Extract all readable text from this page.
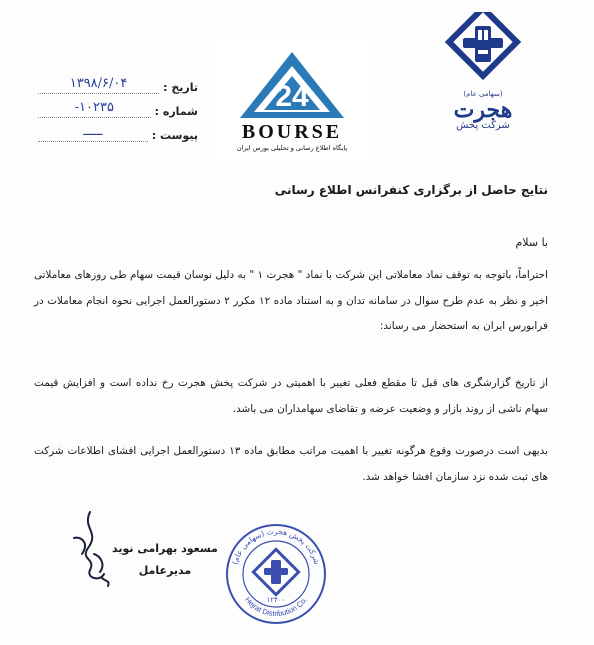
(سهامی عام)
هجرت
شرکت پخش
24
BOURSE
پایگاه اطلاع رسانی و تحلیلی بورس ایران
تاریخ :
۱۳۹۸/۶/۰۴
شماره :
۱۰۲۳۵-
پیوست :
ـــــ
نتایج حاصل از برگزاری کنفرانس اطلاع رسانی
با سلام
احتراماً، باتوجه به توقف نماد معاملاتی این شرکت با نماد " هجرت ۱ " به دلیل نوسان قیمت سهام طی روزهای معاملاتی اخیر و نظر به عدم طرح سوال در سامانه تدان و به استناد ماده ۱۲ مکرر ۲ دستورالعمل اجرایی نحوه انجام معاملات در فرابورس ایران به استحضار می رساند:
از تاریخ گزارشگری های قبل تا مقطع فعلی تغییر با اهمیتی در شرکت پخش هجرت رخ نداده است و افزایش قیمت سهام ناشی از روند بازار و وضعیت عرضه و تقاضای سهامداران می باشد.
بدیهی است درصورت وقوع هرگونه تغییر با اهمیت مراتب مطابق ماده ۱۳ دستورالعمل اجرایی افشای اطلاعات شرکت های ثبت شده نزد سازمان افشا خواهد شد.
مسعود بهرامی نوید
مدیرعامل
شرکت پخش هجرت (سهامی عام)
Hejrat Distribution Co.
۱۲۴۰۰
